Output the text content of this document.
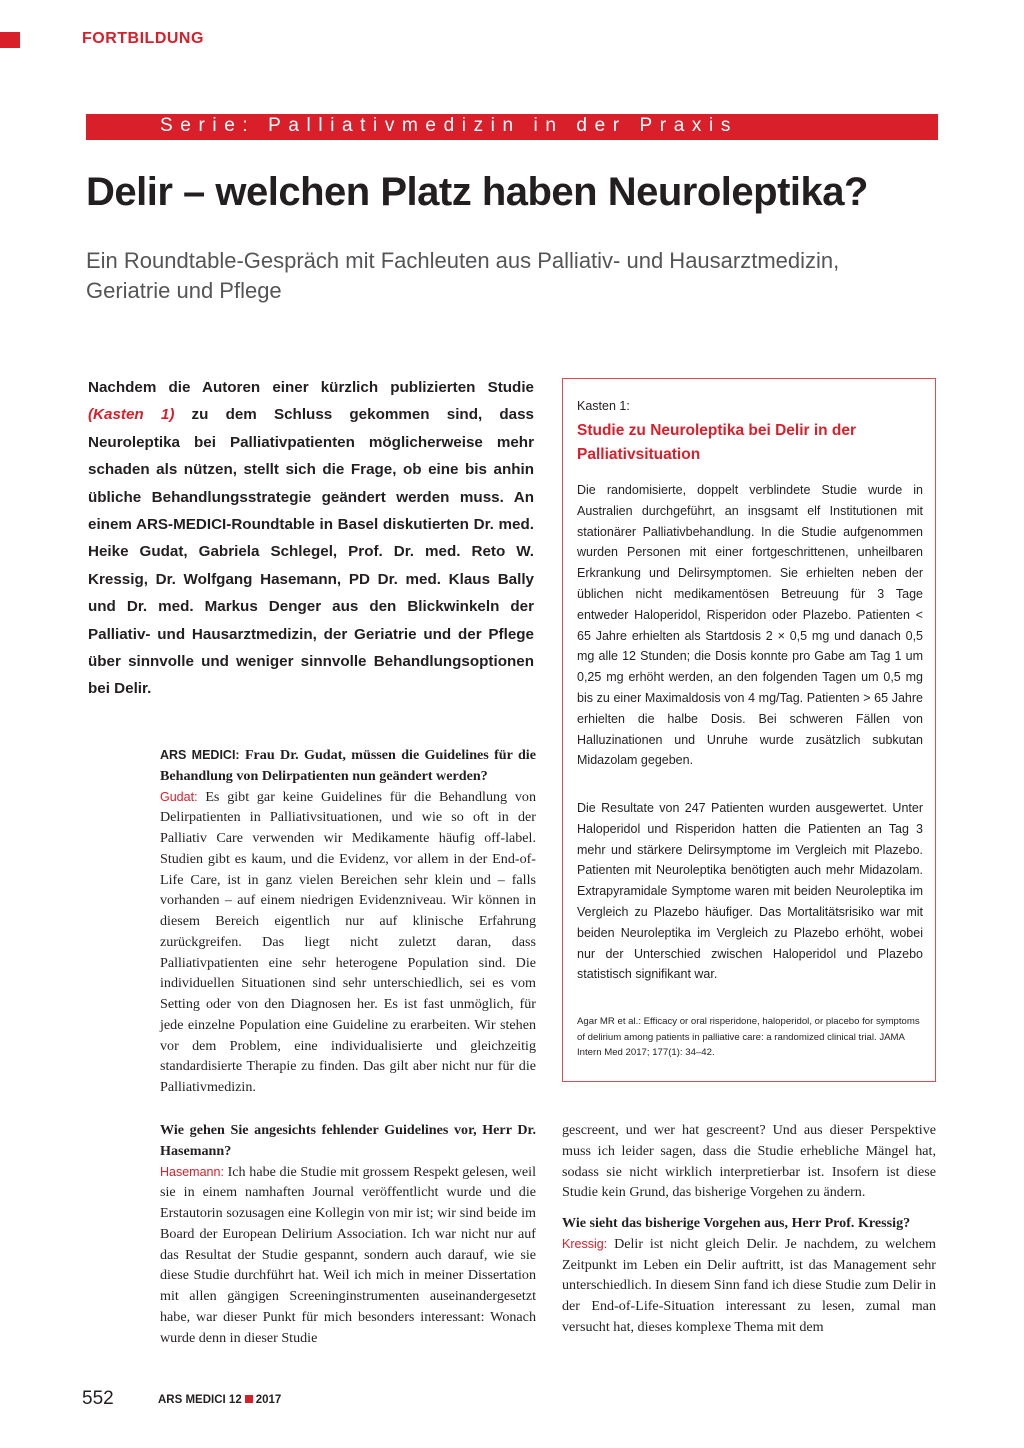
FORTBILDUNG
Serie: Palliativmedizin in der Praxis
Delir – welchen Platz haben Neuroleptika?
Ein Roundtable-Gespräch mit Fachleuten aus Palliativ- und Hausarztmedizin, Geriatrie und Pflege
Nachdem die Autoren einer kürzlich publizierten Studie (Kasten 1) zu dem Schluss gekommen sind, dass Neuroleptika bei Palliativpatienten möglicherweise mehr schaden als nützen, stellt sich die Frage, ob eine bis anhin übliche Behandlungsstrategie geändert werden muss. An einem ARS-MEDICI-Roundtable in Basel diskutierten Dr. med. Heike Gudat, Gabriela Schlegel, Prof. Dr. med. Reto W. Kressig, Dr. Wolfgang Hasemann, PD Dr. med. Klaus Bally und Dr. med. Markus Denger aus den Blickwinkeln der Palliativ- und Hausarztmedizin, der Geriatrie und der Pflege über sinnvolle und weniger sinnvolle Behandlungsoptionen bei Delir.
Kasten 1:
Studie zu Neuroleptika bei Delir in der Palliativsituation
Die randomisierte, doppelt verblindete Studie wurde in Australien durchgeführt, an insgsamt elf Institutionen mit stationärer Palliativbehandlung. In die Studie aufgenommen wurden Personen mit einer fortgeschrittenen, unheilbaren Erkrankung und Delirsymptomen. Sie erhielten neben der üblichen nicht medikamentösen Betreuung für 3 Tage entweder Haloperidol, Risperidon oder Plazebo. Patienten < 65 Jahre erhielten als Startdosis 2 × 0,5 mg und danach 0,5 mg alle 12 Stunden; die Dosis konnte pro Gabe am Tag 1 um 0,25 mg erhöht werden, an den folgenden Tagen um 0,5 mg bis zu einer Maximaldosis von 4 mg/Tag. Patienten > 65 Jahre erhielten die halbe Dosis. Bei schweren Fällen von Halluzinationen und Unruhe wurde zusätzlich subkutan Midazolam gegeben.
Die Resultate von 247 Patienten wurden ausgewertet. Unter Haloperidol und Risperidon hatten die Patienten an Tag 3 mehr und stärkere Delirsymptome im Vergleich mit Plazebo. Patienten mit Neuroleptika benötigten auch mehr Midazolam. Extrapyramidale Symptome waren mit beiden Neuroleptika im Vergleich zu Plazebo häufiger. Das Mortalitätsrisiko war mit beiden Neuroleptika im Vergleich zu Plazebo erhöht, wobei nur der Unterschied zwischen Haloperidol und Plazebo statistisch signifikant war.
Agar MR et al.: Efficacy or oral risperidone, haloperidol, or placebo for symptoms of delirium among patients in palliative care: a randomized clinical trial. JAMA Intern Med 2017; 177(1): 34–42.
ARS MEDICI: Frau Dr. Gudat, müssen die Guidelines für die Behandlung von Delirpatienten nun geändert werden?
Gudat: Es gibt gar keine Guidelines für die Behandlung von Delirpatienten in Palliativsituationen, und wie so oft in der Palliativ Care verwenden wir Medikamente häufig off-label. Studien gibt es kaum, und die Evidenz, vor allem in der End-of-Life Care, ist in ganz vielen Bereichen sehr klein und – falls vorhanden – auf einem niedrigen Evidenzniveau. Wir können in diesem Bereich eigentlich nur auf klinische Erfahrung zurückgreifen. Das liegt nicht zuletzt daran, dass Palliativpatienten eine sehr heterogene Population sind. Die individuellen Situationen sind sehr unterschiedlich, sei es vom Setting oder von den Diagnosen her. Es ist fast unmöglich, für jede einzelne Population eine Guideline zu erarbeiten. Wir stehen vor dem Problem, eine individualisierte und gleichzeitig standardisierte Therapie zu finden. Das gilt aber nicht nur für die Palliativmedizin.
Wie gehen Sie angesichts fehlender Guidelines vor, Herr Dr. Hasemann?
Hasemann: Ich habe die Studie mit grossem Respekt gelesen, weil sie in einem namhaften Journal veröffentlicht wurde und die Erstautorin sozusagen eine Kollegin von mir ist; wir sind beide im Board der European Delirium Association. Ich war nicht nur auf das Resultat der Studie gespannt, sondern auch darauf, wie sie diese Studie durchführt hat. Weil ich mich in meiner Dissertation mit allen gängigen Screeninginstrumenten auseinandergesetzt habe, war dieser Punkt für mich besonders interessant: Wonach wurde denn in dieser Studie
gescreent, und wer hat gescreent? Und aus dieser Perspektive muss ich leider sagen, dass die Studie erhebliche Mängel hat, sodass sie nicht wirklich interpretierbar ist. Insofern ist diese Studie kein Grund, das bisherige Vorgehen zu ändern.
Wie sieht das bisherige Vorgehen aus, Herr Prof. Kressig?
Kressig: Delir ist nicht gleich Delir. Je nachdem, zu welchem Zeitpunkt im Leben ein Delir auftritt, ist das Management sehr unterschiedlich. In diesem Sinn fand ich diese Studie zum Delir in der End-of-Life-Situation interessant zu lesen, zumal man versucht hat, dieses komplexe Thema mit dem
552	ARS MEDICI 12 2017
